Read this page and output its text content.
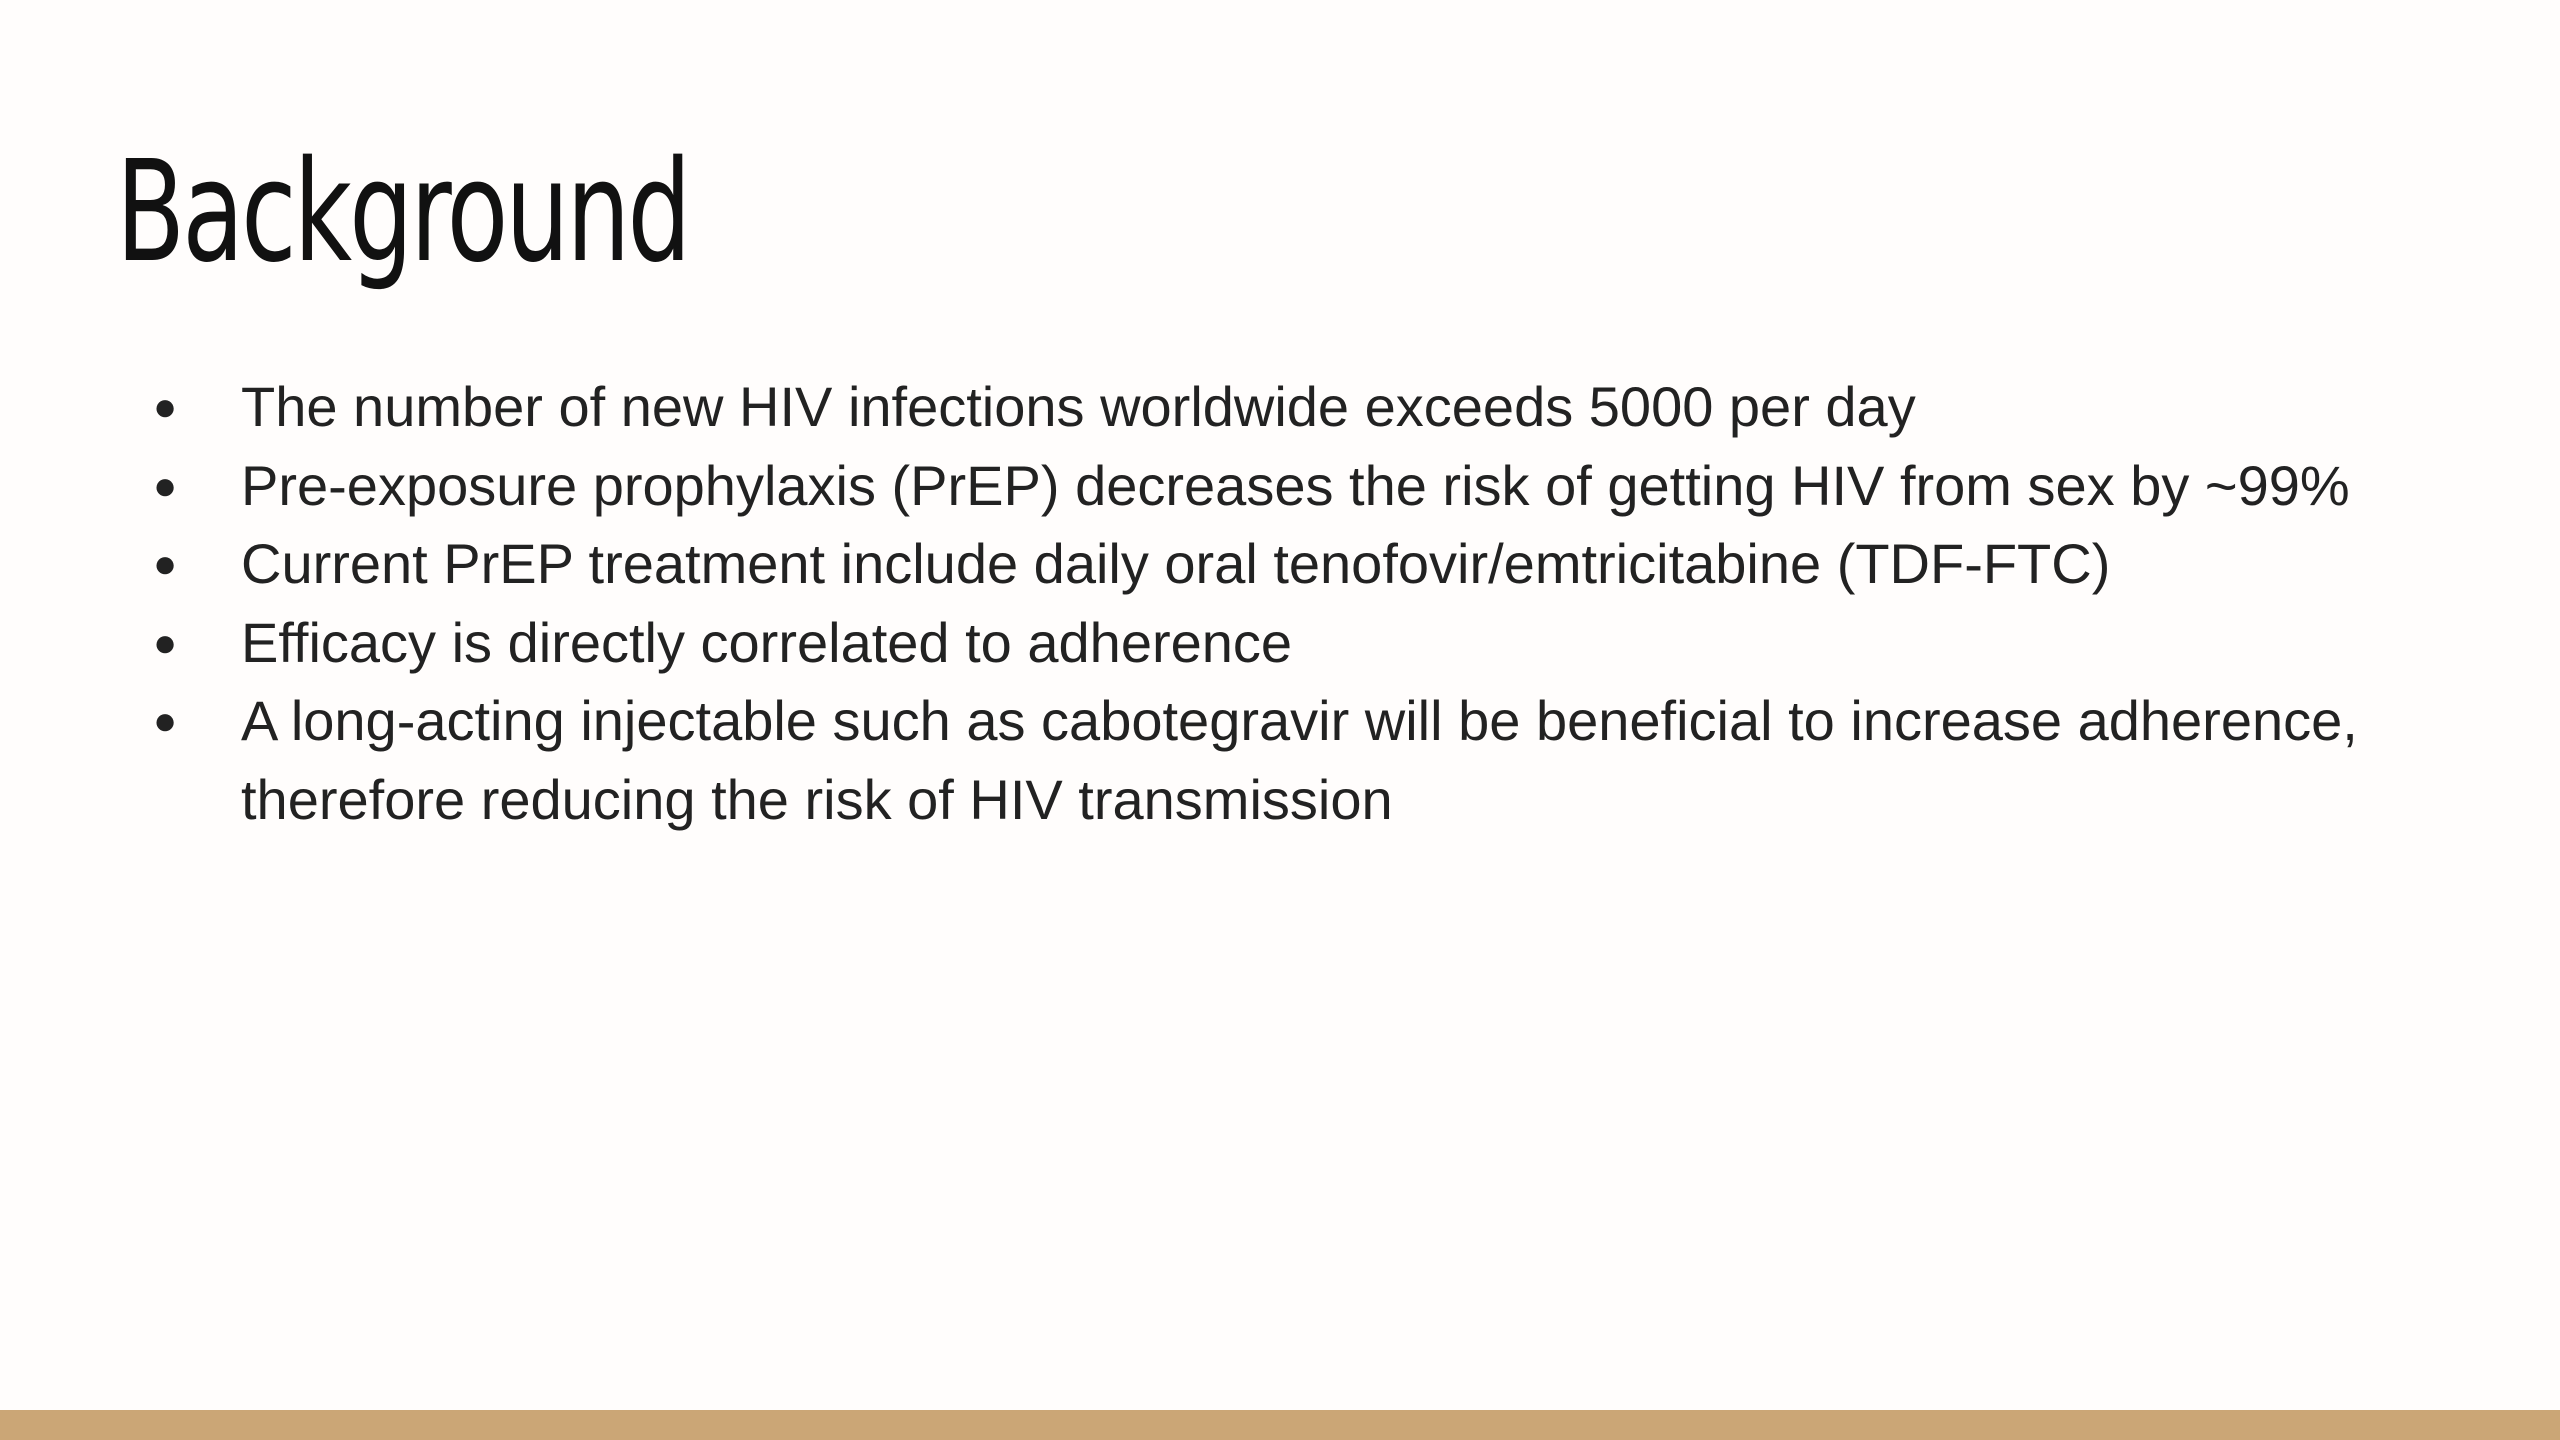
Background
● The number of new HIV infections worldwide exceeds 5000 per day
● Pre-exposure prophylaxis (PrEP) decreases the risk of getting HIV from sex by ~99%
● Current PrEP treatment include daily oral tenofovir/emtricitabine (TDF-FTC)
● Efficacy is directly correlated to adherence
● A long-acting injectable such as cabotegravir will be beneficial to increase adherence, therefore reducing the risk of HIV transmission
